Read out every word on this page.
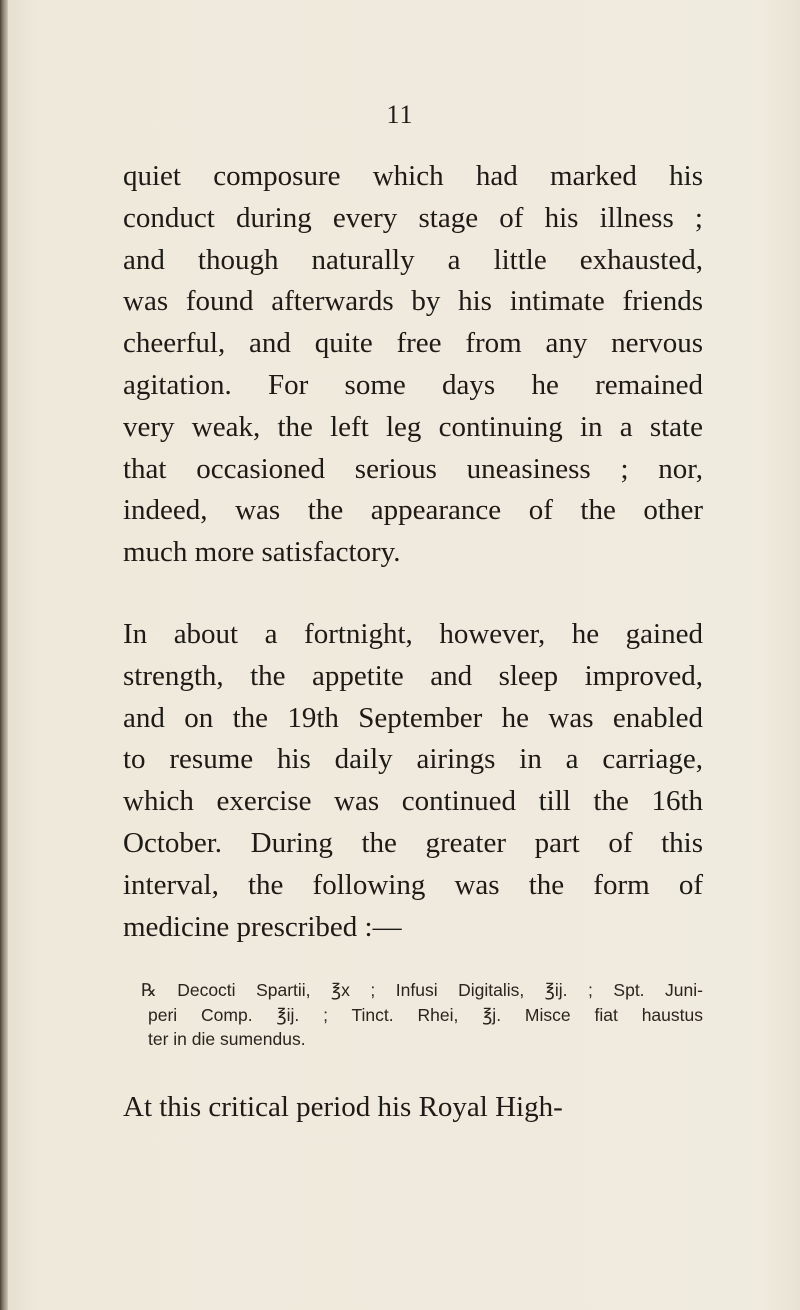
11
quiet composure which had marked his
conduct during every stage of his illness ;
and though naturally a little exhausted,
was found afterwards by his intimate friends
cheerful, and quite free from any nervous
agitation. For some days he remained
very weak, the left leg continuing in a state
that occasioned serious uneasiness ; nor,
indeed, was the appearance of the other
much more satisfactory.
In about a fortnight, however, he gained
strength, the appetite and sleep improved,
and on the 19th September he was enabled
to resume his daily airings in a carriage,
which exercise was continued till the 16th
October. During the greater part of this
interval, the following was the form of
medicine prescribed :—
℞ Decocti Spartii, ℥x ; Infusi Digitalis, ℥ij. ; Spt. Juni-
peri Comp. ℥ij. ; Tinct. Rhei, ℥j. Misce fiat haustus
ter in die sumendus.
At this critical period his Royal High-
